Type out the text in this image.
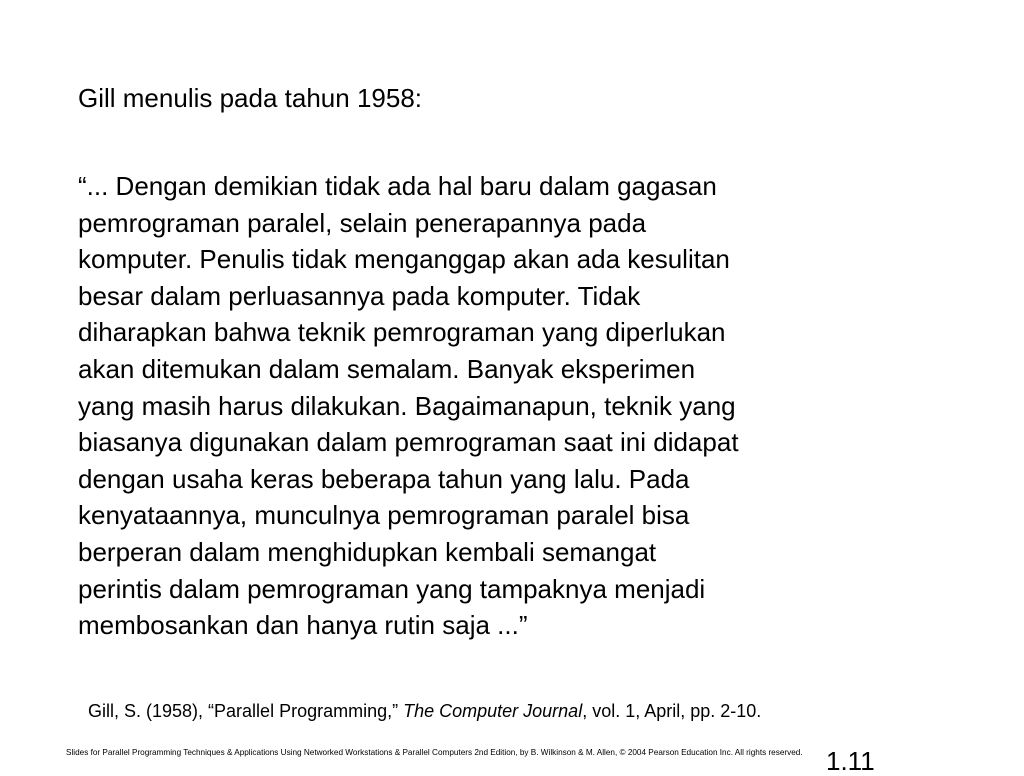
Gill menulis pada tahun 1958:

“... Dengan demikian tidak ada hal baru dalam gagasan
pemrograman paralel, selain penerapannya pada
komputer. Penulis tidak menganggap akan ada kesulitan
besar dalam perluasannya pada komputer. Tidak
diharapkan bahwa teknik pemrograman yang diperlukan
akan ditemukan dalam semalam. Banyak eksperimen
yang masih harus dilakukan. Bagaimanapun, teknik yang
biasanya digunakan dalam pemrograman saat ini didapat
dengan usaha keras beberapa tahun yang lalu. Pada
kenyataannya, munculnya pemrograman paralel bisa
berperan dalam menghidupkan kembali semangat
perintis dalam pemrograman yang tampaknya menjadi
membosankan dan hanya rutin saja ...”

Gill, S. (1958), “Parallel Programming,” The Computer Journal, vol. 1, April, pp. 2-10.

Slides for Parallel Programming Techniques & Applications Using Networked Workstations & Parallel Computers 2nd Edition, by B. Wilkinson & M. Allen, © 2004 Pearson Education Inc. All rights reserved. 1.11
